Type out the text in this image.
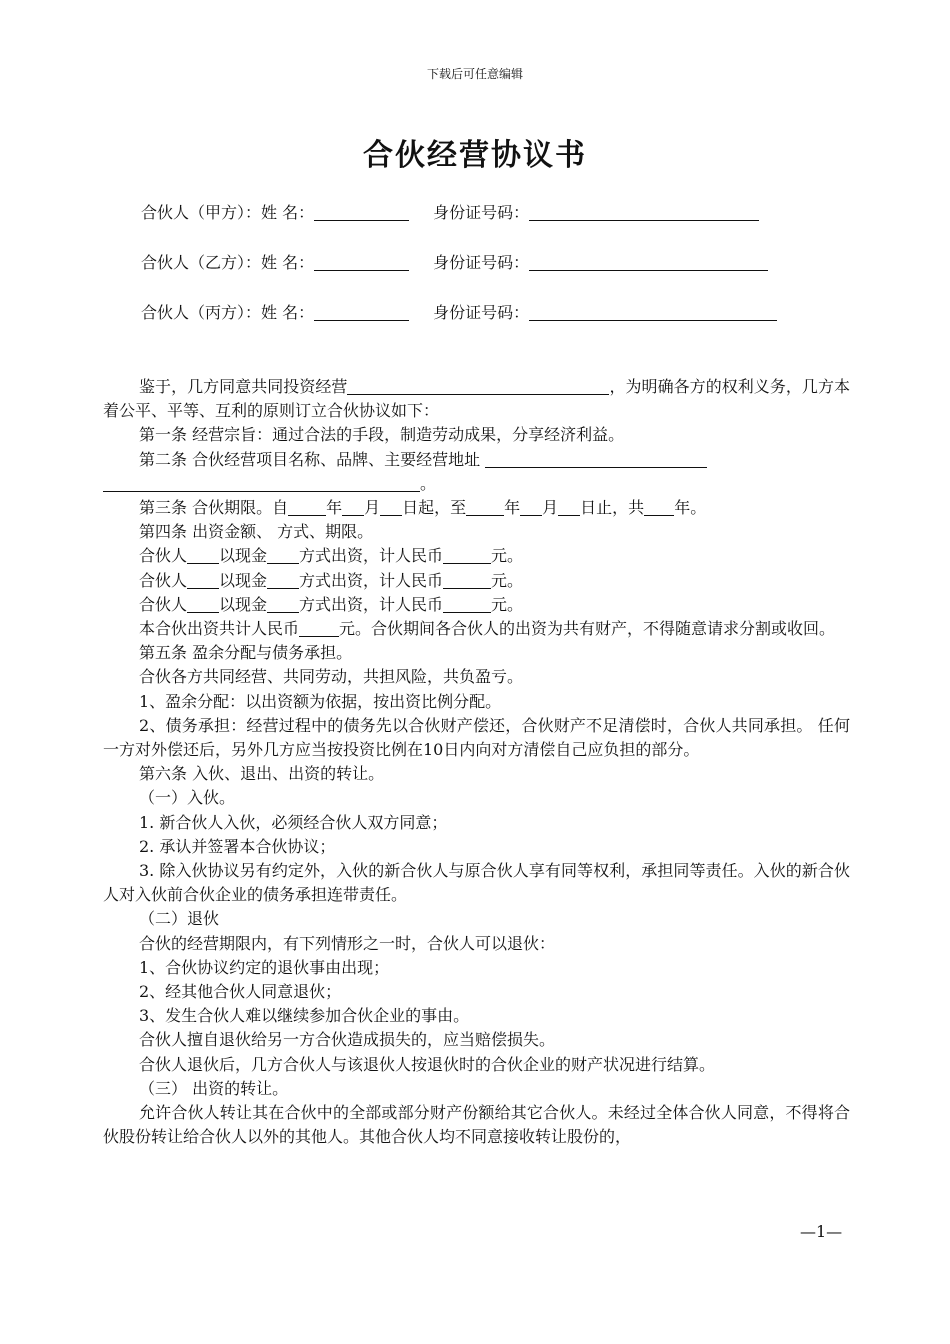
下载后可任意编辑
合伙经营协议书
合伙人（甲方）：姓 名：	身份证号码：
合伙人（乙方）：姓 名：	身份证号码：
合伙人（丙方）：姓 名：	身份证号码：

鉴于，几方同意共同投资经营	，为明确各方的权利义务，几方本着公平、平等、互利的原则订立合伙协议如下：

第一条 经营宗旨：通过合法的手段，制造劳动成果，分享经济利益。

第二条 合伙经营项目名称、品牌、主要经营地址

。

第三条 合伙期限。自 年 月 日起，至 年 月 日止，共 年。

第四条 出资金额、 方式、期限。

合伙人 以现金 方式出资，计人民币	元。

合伙人 以现金 方式出资，计人民币	元。

合伙人 以现金 方式出资，计人民币	元。

本合伙出资共计人民币	元。合伙期间各合伙人的出资为共有财产，不得随意请求分割或收回。

第五条 盈余分配与债务承担。

合伙各方共同经营、共同劳动，共担风险，共负盈亏。

1、盈余分配：以出资额为依据，按出资比例分配。

2、债务承担：经营过程中的债务先以合伙财产偿还，合伙财产不足清偿时，合伙人共同承担。 任何一方对外偿还后，另外几方应当按投资比例在10日内向对方清偿自己应负担的部分。

第六条 入伙、退出、出资的转让。

（一）入伙。

1. 新合伙人入伙，必须经合伙人双方同意；

2. 承认并签署本合伙协议；

3. 除入伙协议另有约定外，入伙的新合伙人与原合伙人享有同等权利，承担同等责任。入伙的新合伙人对入伙前合伙企业的债务承担连带责任。

（二）退伙

合伙的经营期限内，有下列情形之一时，合伙人可以退伙：

1、合伙协议约定的退伙事由出现；

2、经其他合伙人同意退伙；

3、发生合伙人难以继续参加合伙企业的事由。

合伙人擅自退伙给另一方合伙造成损失的，应当赔偿损失。

合伙人退伙后，几方合伙人与该退伙人按退伙时的合伙企业的财产状况进行结算。

（三） 出资的转让。

允许合伙人转让其在合伙中的全部或部分财产份额给其它合伙人。未经过全体合伙人同意，不得将合伙股份转让给合伙人以外的其他人。其他合伙人均不同意接收转让股份的，

—1—
